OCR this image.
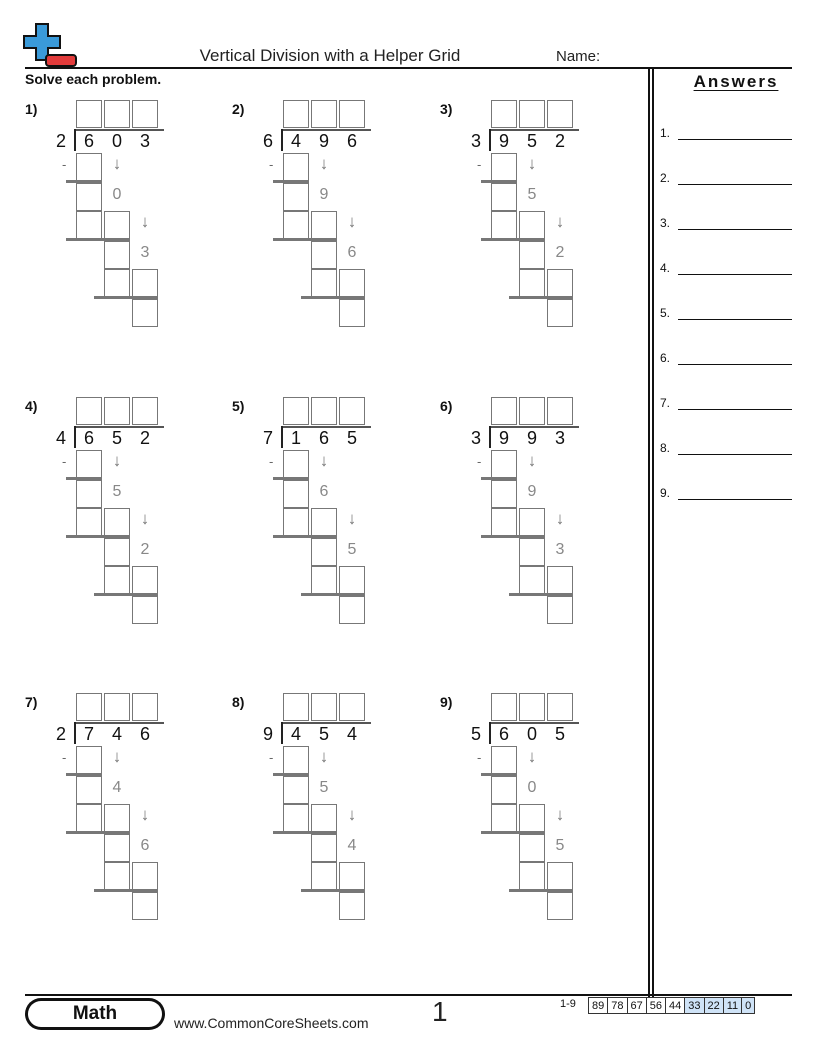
Vertical Division with a Helper Grid	Name:
Solve each problem.	Answers
1.
2.
3.
4.
5.
6.
7.
8.
9.
1)
2 6 0 3
-	↓
0
↓
3
2)
6 4 9 6
-	↓
9
↓
6
3)
3 9 5 2
-	↓
5
↓
2
4)
4 6 5 2
-	↓
5
↓
2
5)
7 1 6 5
-	↓
6
↓
5
6)
3 9 9 3
-	↓
9
↓
3
7)
2 7 4 6
-	↓
4
↓
6
8)
9 4 5 4
-	↓
5
↓
4
9)
5 6 0 5
-	↓
0
↓
5
Math	www.CommonCoreSheets.com 1	1-9	89 78 67 56 44 33 22 11 0
